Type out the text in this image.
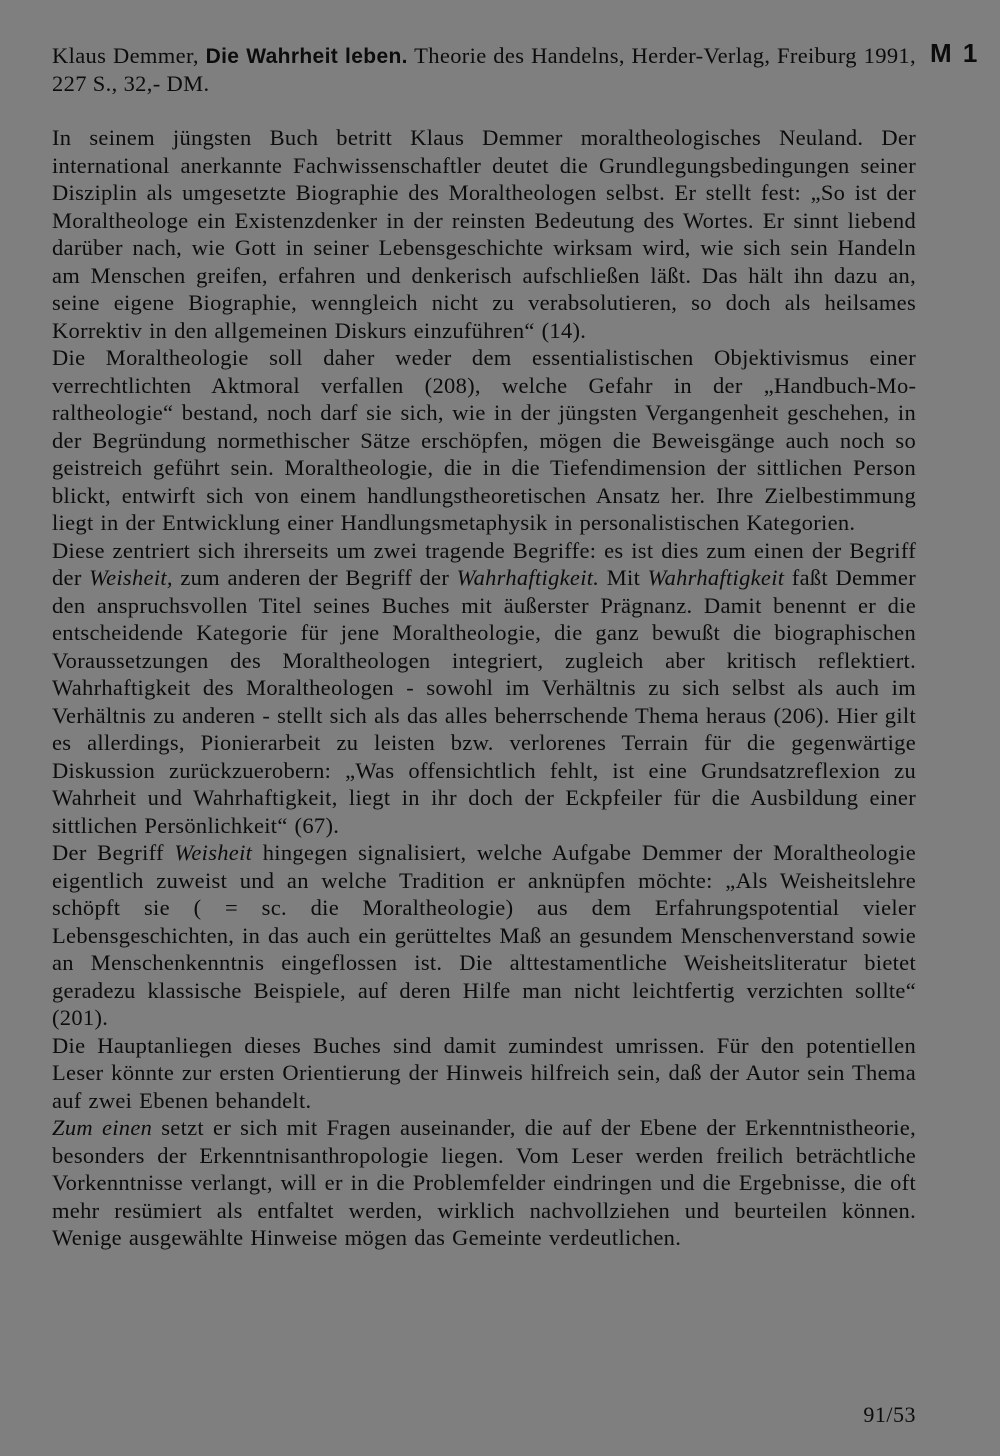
Klaus Demmer, Die Wahrheit leben. Theorie des Handelns, Herder-Verlag, Freiburg 1991, 227 S., 32,- DM.
M 1

In seinem jüngsten Buch betritt Klaus Demmer moraltheologisches Neuland. Der international anerkannte Fachwissenschaftler deutet die Grundlegungsbedingungen seiner Disziplin als umgesetzte Biographie des Moraltheologen selbst. Er stellt fest: „So ist der Moraltheologe ein Existenzdenker in der reinsten Bedeutung des Wortes. Er sinnt liebend darüber nach, wie Gott in seiner Lebensgeschichte wirksam wird, wie sich sein Handeln am Menschen greifen, erfahren und denkerisch aufschließen läßt. Das hält ihn dazu an, seine eigene Biographie, wenngleich nicht zu verabsolutieren, so doch als heilsames Korrektiv in den allgemeinen Diskurs einzuführen“ (14).

Die Moraltheologie soll daher weder dem essentialistischen Objektivismus einer verrechtlichten Aktmoral verfallen (208), welche Gefahr in der „Handbuch-Moraltheologie“ bestand, noch darf sie sich, wie in der jüngsten Vergangenheit geschehen, in der Begründung normethischer Sätze erschöpfen, mögen die Beweisgänge auch noch so geistreich geführt sein. Moraltheologie, die in die Tiefendimension der sittlichen Person blickt, entwirft sich von einem handlungstheoretischen Ansatz her. Ihre Zielbestimmung liegt in der Entwicklung einer Handlungsmetaphysik in personalistischen Kategorien.

Diese zentriert sich ihrerseits um zwei tragende Begriffe: es ist dies zum einen der Begriff der Weisheit, zum anderen der Begriff der Wahrhaftigkeit. Mit Wahrhaftigkeit faßt Demmer den anspruchsvollen Titel seines Buches mit äußerster Prägnanz. Damit benennt er die entscheidende Kategorie für jene Moraltheologie, die ganz bewußt die biographischen Voraussetzungen des Moraltheologen integriert, zugleich aber kritisch reflektiert. Wahrhaftigkeit des Moraltheologen - sowohl im Verhältnis zu sich selbst als auch im Verhältnis zu anderen - stellt sich als das alles beherrschende Thema heraus (206). Hier gilt es allerdings, Pionierarbeit zu leisten bzw. verlorenes Terrain für die gegenwärtige Diskussion zurückzuerobern: „Was offensichtlich fehlt, ist eine Grundsatzreflexion zu Wahrheit und Wahrhaftigkeit, liegt in ihr doch der Eckpfeiler für die Ausbildung einer sittlichen Persönlichkeit“ (67).

Der Begriff Weisheit hingegen signalisiert, welche Aufgabe Demmer der Moraltheologie eigentlich zuweist und an welche Tradition er anknüpfen möchte: „Als Weisheitslehre schöpft sie ( = sc. die Moraltheologie) aus dem Erfahrungspotential vieler Lebensgeschichten, in das auch ein gerütteltes Maß an gesundem Menschenverstand sowie an Menschenkenntnis eingeflossen ist. Die alttestamentliche Weisheitsliteratur bietet geradezu klassische Beispiele, auf deren Hilfe man nicht leichtfertig verzichten sollte“ (201).

Die Hauptanliegen dieses Buches sind damit zumindest umrissen. Für den potentiellen Leser könnte zur ersten Orientierung der Hinweis hilfreich sein, daß der Autor sein Thema auf zwei Ebenen behandelt.

Zum einen setzt er sich mit Fragen auseinander, die auf der Ebene der Erkenntnistheorie, besonders der Erkenntnisanthropologie liegen. Vom Leser werden freilich beträchtliche Vorkenntnisse verlangt, will er in die Problemfelder eindringen und die Ergebnisse, die oft mehr resümiert als entfaltet werden, wirklich nachvollziehen und beurteilen können. Wenige ausgewählte Hinweise mögen das Gemeinte verdeutlichen.

91/53
